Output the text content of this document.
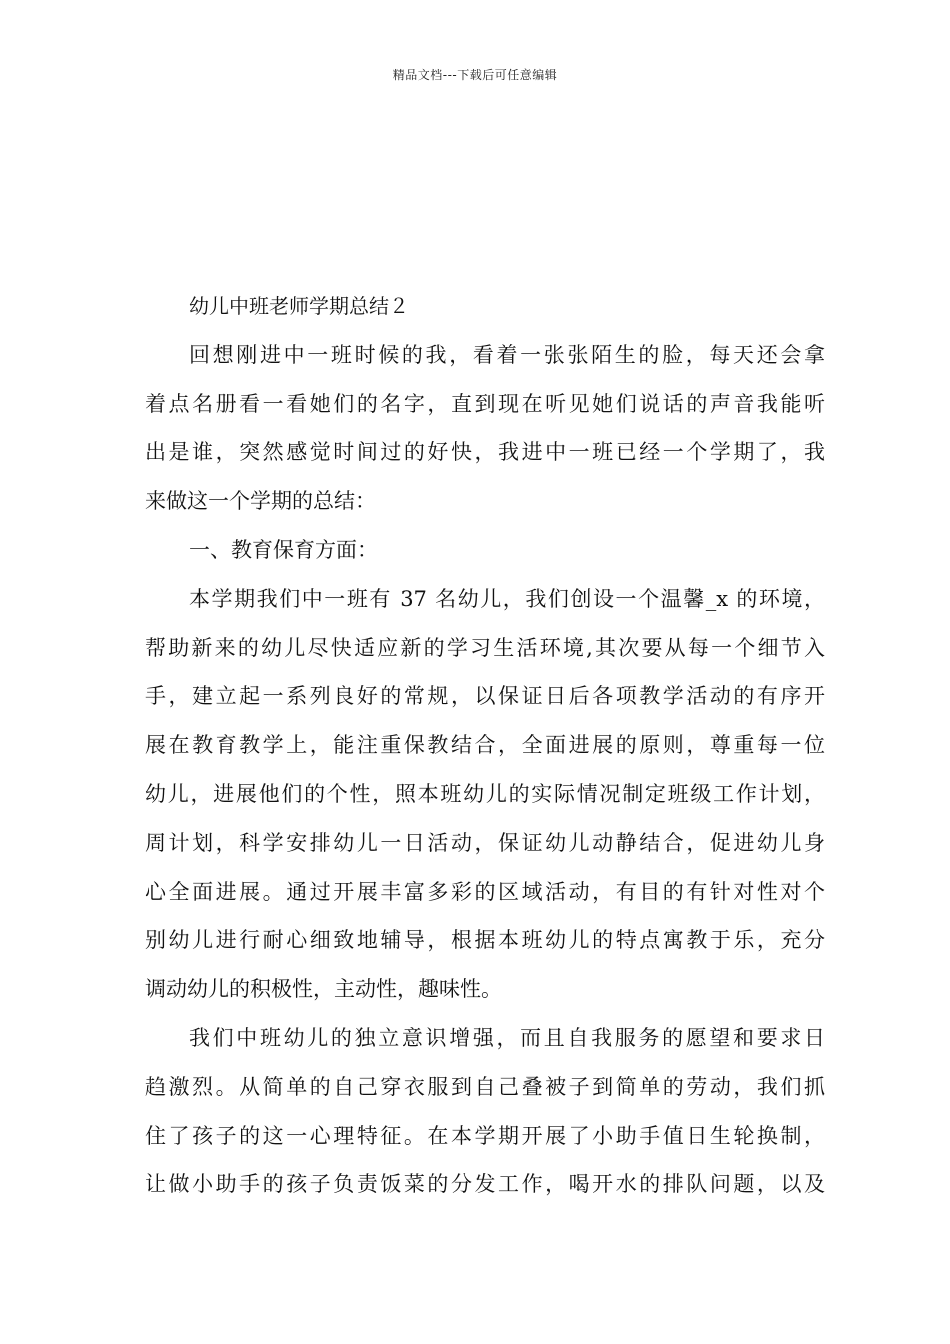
精品文档---下载后可任意编辑
幼儿中班老师学期总结２
回想刚进中一班时候的我，看着一张张陌生的脸，每天还会拿
着点名册看一看她们的名字，直到现在听见她们说话的声音我能听
出是谁，突然感觉时间过的好快，我进中一班已经一个学期了，我
来做这一个学期的总结：
一、教育保育方面：
本学期我们中一班有 37 名幼儿，我们创设一个温馨_x 的环境，
帮助新来的幼儿尽快适应新的学习生活环境,其次要从每一个细节入
手，建立起一系列良好的常规，以保证日后各项教学活动的有序开
展在教育教学上，能注重保教结合，全面进展的原则，尊重每一位
幼儿，进展他们的个性，照本班幼儿的实际情况制定班级工作计划，
周计划，科学安排幼儿一日活动，保证幼儿动静结合，促进幼儿身
心全面进展。通过开展丰富多彩的区域活动，有目的有针对性对个
别幼儿进行耐心细致地辅导，根据本班幼儿的特点寓教于乐，充分
调动幼儿的积极性，主动性，趣味性。
我们中班幼儿的独立意识增强，而且自我服务的愿望和要求日
趋激烈。从简单的自己穿衣服到自己叠被子到简单的劳动，我们抓
住了孩子的这一心理特征。在本学期开展了小助手值日生轮换制，
让做小助手的孩子负责饭菜的分发工作，喝开水的排队问题，以及
